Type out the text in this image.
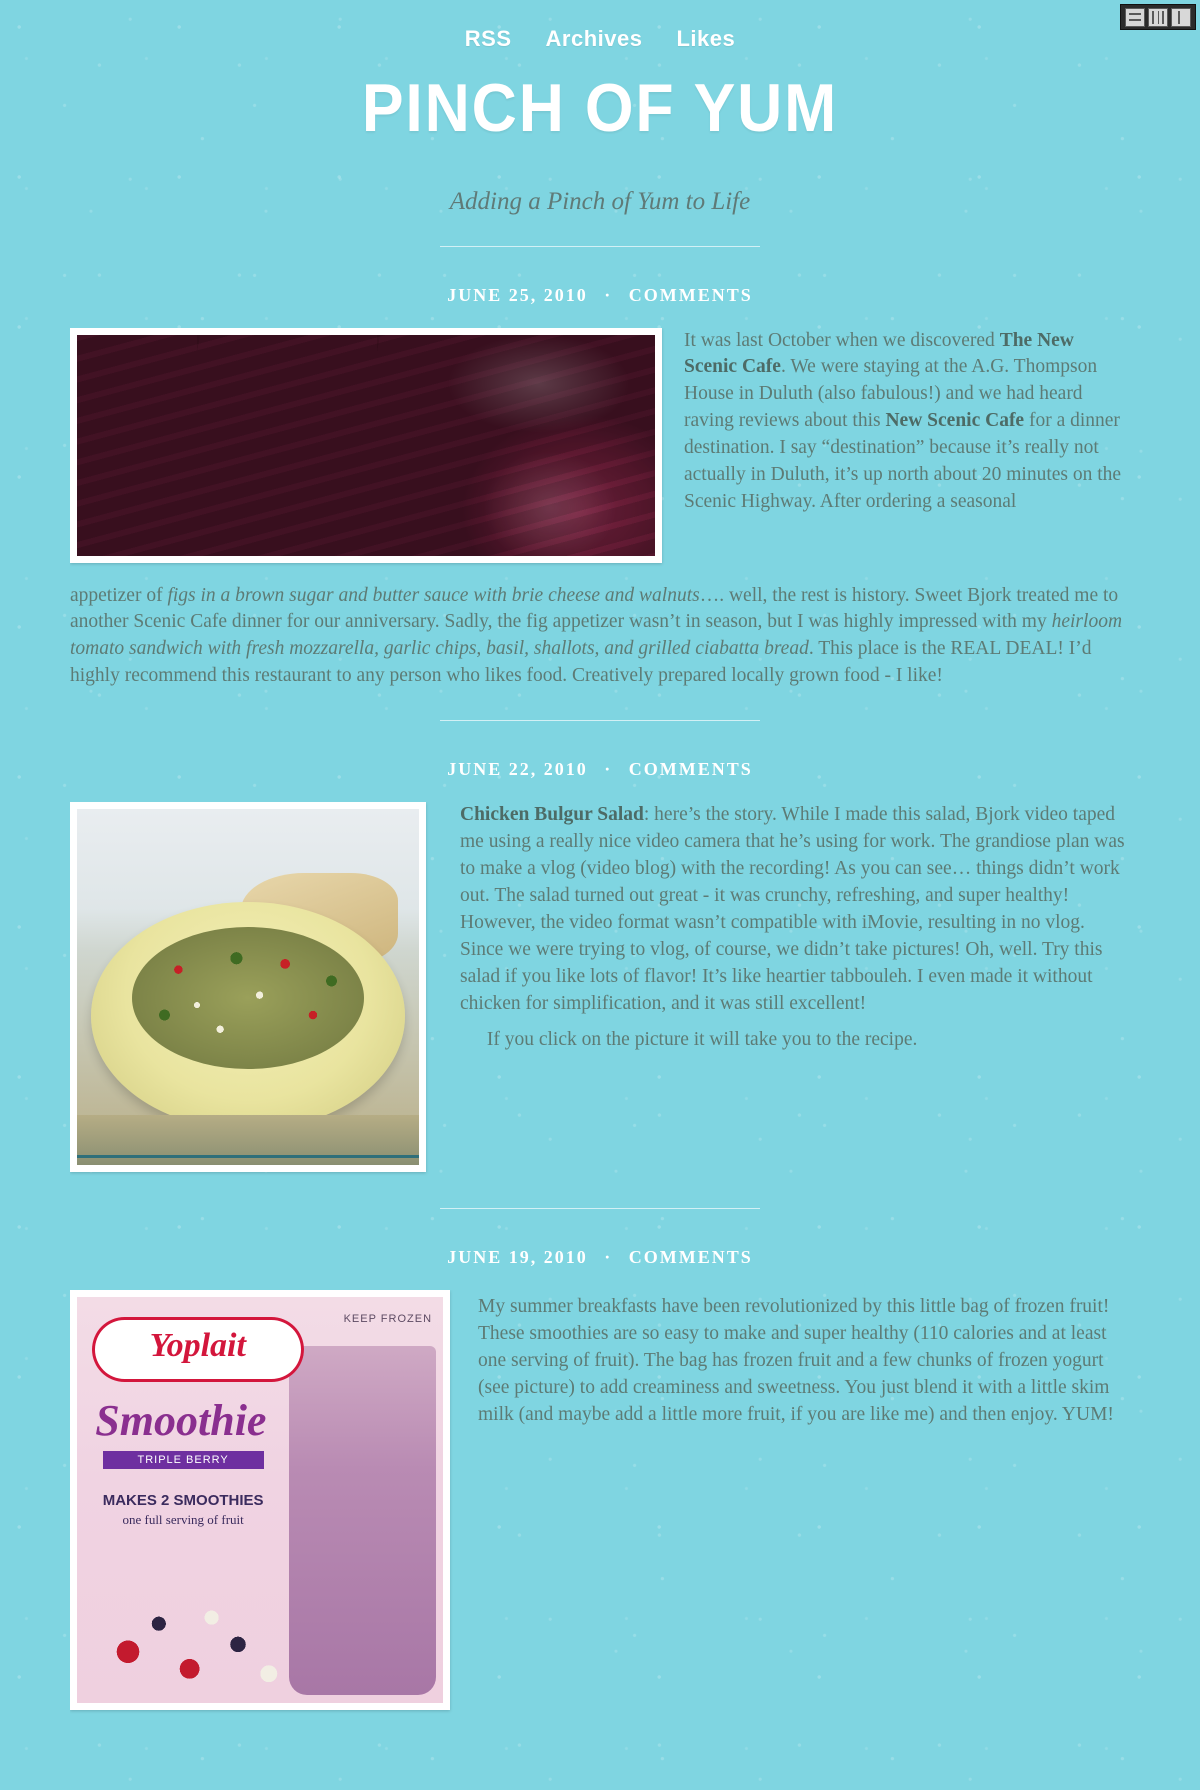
RSS Archives Likes
PINCH OF YUM
Adding a Pinch of Yum to Life
JUNE 25, 2010 · COMMENTS

It was last October when we discovered The New Scenic Cafe. We were staying at the A.G. Thompson House in Duluth (also fabulous!) and we had heard raving reviews about this New Scenic Cafe for a dinner destination. I say “destination” because it’s really not actually in Duluth, it’s up north about 20 minutes on the Scenic Highway. After ordering a seasonal

appetizer of figs in a brown sugar and butter sauce with brie cheese and walnuts…. well, the rest is history. Sweet Bjork treated me to another Scenic Cafe dinner for our anniversary. Sadly, the fig appetizer wasn’t in season, but I was highly impressed with my heirloom tomato sandwich with fresh mozzarella, garlic chips, basil, shallots, and grilled ciabatta bread. This place is the REAL DEAL! I’d highly recommend this restaurant to any person who likes food. Creatively prepared locally grown food - I like!

JUNE 22, 2010 · COMMENTS

Chicken Bulgur Salad: here’s the story. While I made this salad, Bjork video taped me using a really nice video camera that he’s using for work. The grandiose plan was to make a vlog (video blog) with the recording! As you can see… things didn’t work out. The salad turned out great - it was crunchy, refreshing, and super healthy! However, the video format wasn’t compatible with iMovie, resulting in no vlog. Since we were trying to vlog, of course, we didn’t take pictures! Oh, well. Try this salad if you like lots of flavor! It’s like heartier tabbouleh. I even made it without chicken for simplification, and it was still excellent!

If you click on the picture it will take you to the recipe.

JUNE 19, 2010 · COMMENTS
KEEP FROZEN
Yoplait
Smoothie
TRIPLE BERRY
MAKES 2 SMOOTHIES
one full serving of fruit

My summer breakfasts have been revolutionized by this little bag of frozen fruit! These smoothies are so easy to make and super healthy (110 calories and at least one serving of fruit). The bag has frozen fruit and a few chunks of frozen yogurt (see picture) to add creaminess and sweetness. You just blend it with a little skim milk (and maybe add a little more fruit, if you are like me) and then enjoy. YUM!
